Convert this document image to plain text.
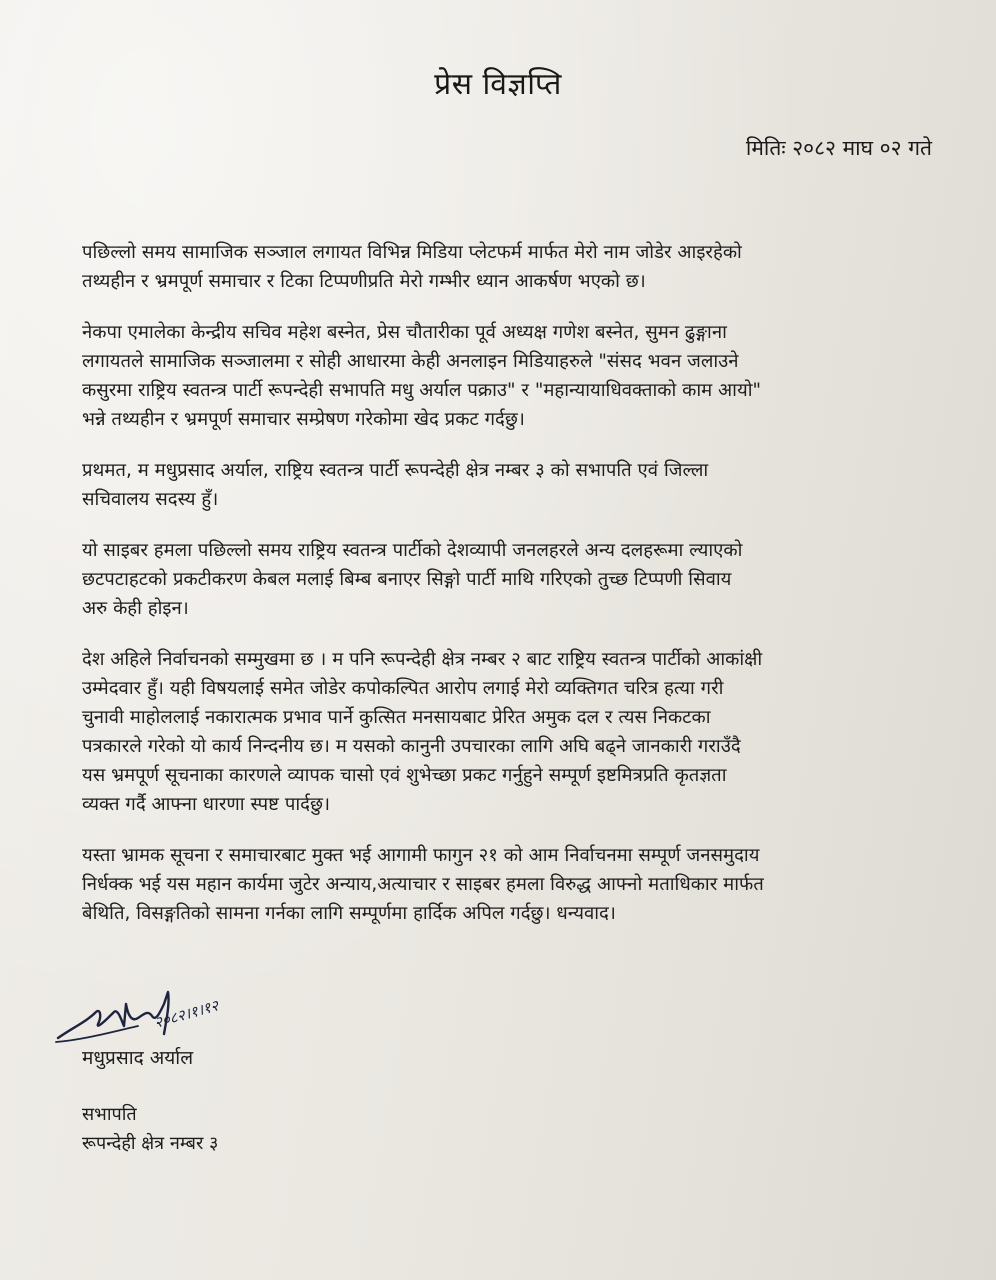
प्रेस विज्ञप्ति
मितिः २०८२ माघ ०२ गते
पछिल्लो समय सामाजिक सञ्जाल लगायत विभिन्न मिडिया प्लेटफर्म मार्फत मेरो नाम जोडेर आइरहेको
तथ्यहीन र भ्रमपूर्ण समाचार र टिका टिप्पणीप्रति मेरो गम्भीर ध्यान आकर्षण भएको छ।
नेकपा एमालेका केन्द्रीय सचिव महेश बस्नेत, प्रेस चौतारीका पूर्व अध्यक्ष गणेश बस्नेत, सुमन ढुङ्गाना
लगायतले सामाजिक सञ्जालमा र सोही आधारमा केही अनलाइन मिडियाहरुले "संसद भवन जलाउने
कसुरमा राष्ट्रिय स्वतन्त्र पार्टी रूपन्देही सभापति मधु अर्याल पक्राउ" र "महान्यायाधिवक्ताको काम आयो"
भन्ने तथ्यहीन र भ्रमपूर्ण समाचार सम्प्रेषण गरेकोमा खेद प्रकट गर्दछु।
प्रथमत, म मधुप्रसाद अर्याल, राष्ट्रिय स्वतन्त्र पार्टी रूपन्देही क्षेत्र नम्बर ३ को सभापति एवं जिल्ला
सचिवालय सदस्य हुँ।
यो साइबर हमला पछिल्लो समय राष्ट्रिय स्वतन्त्र पार्टीको देशव्यापी जनलहरले अन्य दलहरूमा ल्याएको
छटपटाहटको प्रकटीकरण केबल मलाई बिम्ब बनाएर सिङ्गो पार्टी माथि गरिएको तुच्छ टिप्पणी सिवाय
अरु केही होइन।
देश अहिले निर्वाचनको सम्मुखमा छ । म पनि रूपन्देही क्षेत्र नम्बर २ बाट राष्ट्रिय स्वतन्त्र पार्टीको आकांक्षी
उम्मेदवार हुँ। यही विषयलाई समेत जोडेर कपोकल्पित आरोप लगाई मेरो व्यक्तिगत चरित्र हत्या गरी
चुनावी माहोललाई नकारात्मक प्रभाव पार्ने कुत्सित मनसायबाट प्रेरित अमुक दल र त्यस निकटका
पत्रकारले गरेको यो कार्य निन्दनीय छ। म यसको कानुनी उपचारका लागि अघि बढ्ने जानकारी गराउँदै
यस भ्रमपूर्ण सूचनाका कारणले व्यापक चासो एवं शुभेच्छा प्रकट गर्नुहुने सम्पूर्ण इष्टमित्रप्रति कृतज्ञता
व्यक्त गर्दै आफ्ना धारणा स्पष्ट पार्दछु।
यस्ता भ्रामक सूचना र समाचारबाट मुक्त भई आगामी फागुन २१ को आम निर्वाचनमा सम्पूर्ण जनसमुदाय
निर्धक्क भई यस महान कार्यमा जुटेर अन्याय,अत्याचार र साइबर हमला विरुद्ध आफ्नो मताधिकार मार्फत
बेथिति, विसङ्गतिको सामना गर्नका लागि सम्पूर्णमा हार्दिक अपिल गर्दछु। धन्यवाद।
२०८२।१।१२
मधुप्रसाद अर्याल
सभापति
रूपन्देही क्षेत्र नम्बर ३
